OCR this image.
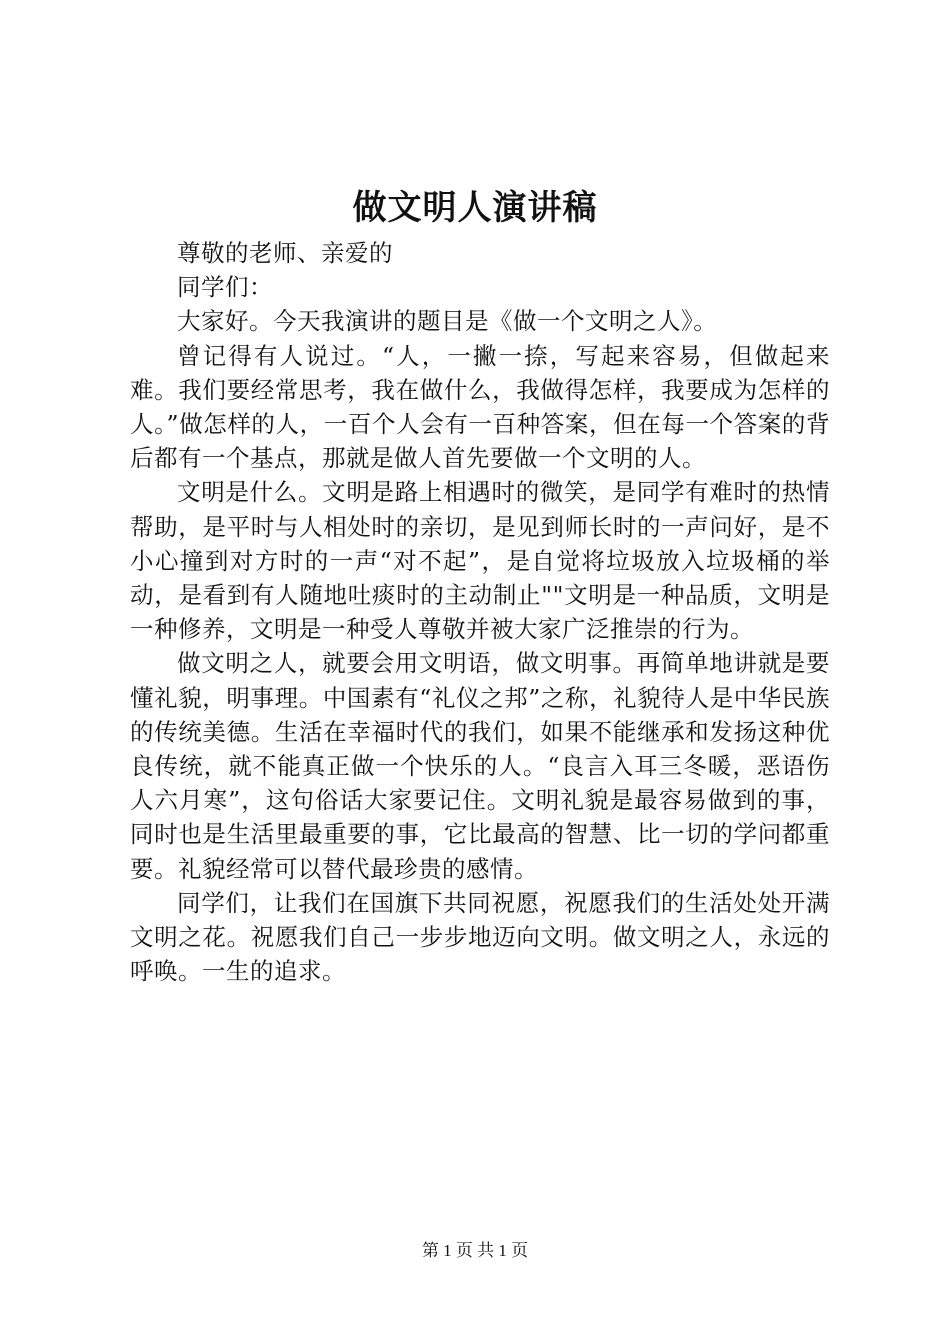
做文明人演讲稿

尊敬的老师、亲爱的

同学们：

大家好。今天我演讲的题目是《做一个文明之人》。

曾记得有人说过。“人，一撇一捺，写起来容易，但做起来难。我们要经常思考，我在做什么，我做得怎样，我要成为怎样的人。”做怎样的人，一百个人会有一百种答案，但在每一个答案的背后都有一个基点，那就是做人首先要做一个文明的人。

文明是什么。文明是路上相遇时的微笑，是同学有难时的热情帮助，是平时与人相处时的亲切，是见到师长时的一声问好，是不小心撞到对方时的一声“对不起”，是自觉将垃圾放入垃圾桶的举动，是看到有人随地吐痰时的主动制止""文明是一种品质，文明是一种修养，文明是一种受人尊敬并被大家广泛推崇的行为。

做文明之人，就要会用文明语，做文明事。再简单地讲就是要懂礼貌，明事理。中国素有“礼仪之邦”之称，礼貌待人是中华民族的传统美德。生活在幸福时代的我们，如果不能继承和发扬这种优良传统，就不能真正做一个快乐的人。“良言入耳三冬暖，恶语伤人六月寒”，这句俗话大家要记住。文明礼貌是最容易做到的事，同时也是生活里最重要的事，它比最高的智慧、比一切的学问都重要。礼貌经常可以替代最珍贵的感情。

同学们，让我们在国旗下共同祝愿，祝愿我们的生活处处开满文明之花。祝愿我们自己一步步地迈向文明。做文明之人，永远的呼唤。一生的追求。

第 1 页 共 1 页
